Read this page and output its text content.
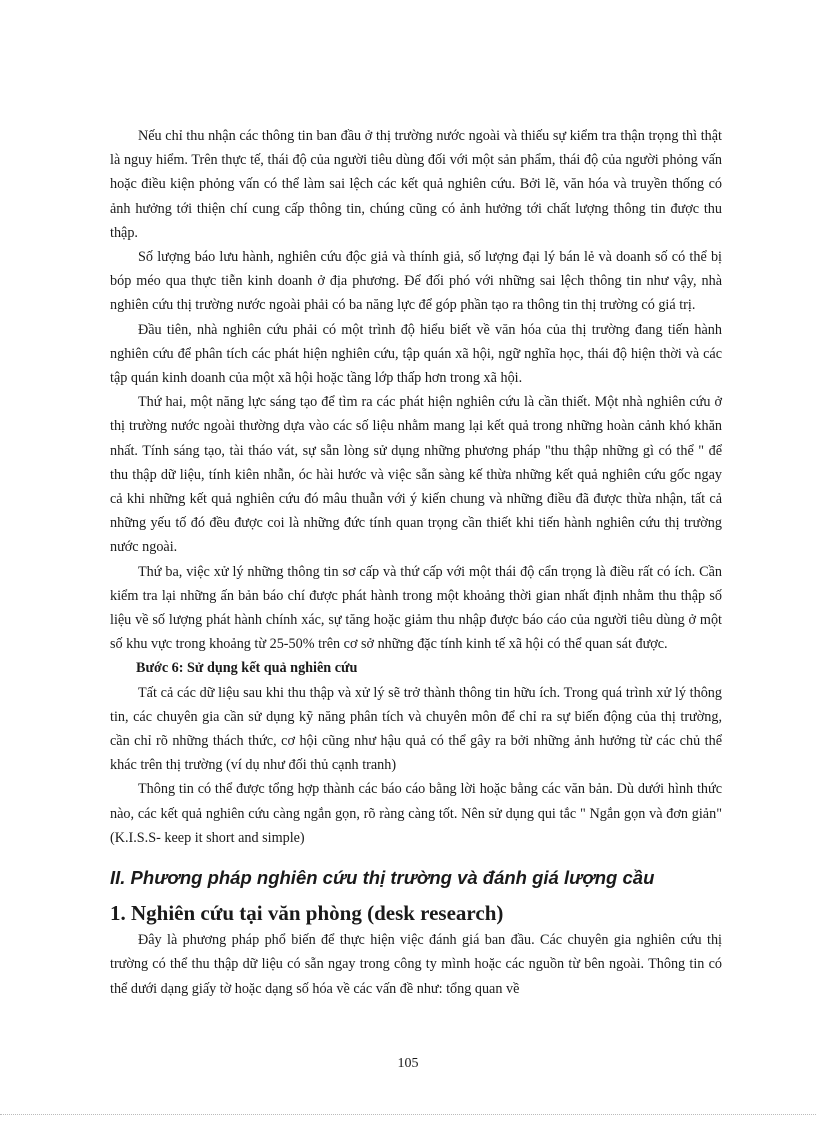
Nếu chỉ thu nhận các thông tin ban đầu ở thị trường nước ngoài và thiếu sự kiểm tra thận trọng thì thật là nguy hiểm. Trên thực tế, thái độ của người tiêu dùng đối với một sản phẩm, thái độ của người phỏng vấn hoặc điều kiện phỏng vấn có thể làm sai lệch các kết quả nghiên cứu. Bởi lẽ, văn hóa và truyền thống có ảnh hưởng tới thiện chí cung cấp thông tin, chúng cũng có ảnh hưởng tới chất lượng thông tin được thu thập.

Số lượng báo lưu hành, nghiên cứu độc giả và thính giả, số lượng đại lý bán lẻ và doanh số có thể bị bóp méo qua thực tiễn kinh doanh ở địa phương. Để đối phó với những sai lệch thông tin như vậy, nhà nghiên cứu thị trường nước ngoài phải có ba năng lực để góp phần tạo ra thông tin thị trường có giá trị.

Đầu tiên, nhà nghiên cứu phải có một trình độ hiểu biết về văn hóa của thị trường đang tiến hành nghiên cứu để phân tích các phát hiện nghiên cứu, tập quán xã hội, ngữ nghĩa học, thái độ hiện thời và các tập quán kinh doanh của một xã hội hoặc tầng lớp thấp hơn trong xã hội.

Thứ hai, một năng lực sáng tạo để tìm ra các phát hiện nghiên cứu là cần thiết. Một nhà nghiên cứu ở thị trường nước ngoài thường dựa vào các số liệu nhằm mang lại kết quả trong những hoàn cảnh khó khăn nhất. Tính sáng tạo, tài tháo vát, sự sẵn lòng sử dụng những phương pháp "thu thập những gì có thể " để thu thập dữ liệu, tính kiên nhẫn, óc hài hước và việc sẵn sàng kế thừa những kết quả nghiên cứu gốc ngay cả khi những kết quả nghiên cứu đó mâu thuẫn với ý kiến chung và những điều đã được thừa nhận, tất cả những yếu tố đó đều được coi là những đức tính quan trọng cần thiết khi tiến hành nghiên cứu thị trường nước ngoài.

Thứ ba, việc xử lý những thông tin sơ cấp và thứ cấp với một thái độ cẩn trọng là điều rất có ích. Cần kiểm tra lại những ấn bản báo chí được phát hành trong một khoảng thời gian nhất định nhằm thu thập số liệu về số lượng phát hành chính xác, sự tăng hoặc giảm thu nhập được báo cáo của người tiêu dùng ở một số khu vực trong khoảng từ 25-50% trên cơ sở những đặc tính kinh tế xã hội có thể quan sát được.

Bước 6: Sử dụng kết quả nghiên cứu

Tất cả các dữ liệu sau khi thu thập và xử lý sẽ trở thành thông tin hữu ích. Trong quá trình xử lý thông tin, các chuyên gia cần sử dụng kỹ năng phân tích và chuyên môn để chỉ ra sự biến động của thị trường, cần chỉ rõ những thách thức, cơ hội cũng như hậu quả có thể gây ra bởi những ảnh hưởng từ các chủ thể khác trên thị trường (ví dụ như đối thủ cạnh tranh)

Thông tin có thể được tổng hợp thành các báo cáo bằng lời hoặc bằng các văn bản. Dù dưới hình thức nào, các kết quả nghiên cứu càng ngắn gọn, rõ ràng càng tốt. Nên sử dụng qui tắc " Ngắn gọn và đơn giản" (K.I.S.S- keep it short and simple)

II. Phương pháp nghiên cứu thị trường và đánh giá lượng cầu
1. Nghiên cứu tại văn phòng (desk research)

Đây là phương pháp phổ biến để thực hiện việc đánh giá ban đầu. Các chuyên gia nghiên cứu thị trường có thể thu thập dữ liệu có sẵn ngay trong công ty mình hoặc các nguồn từ bên ngoài. Thông tin có thể dưới dạng giấy tờ hoặc dạng số hóa về các vấn đề như: tổng quan về

105
